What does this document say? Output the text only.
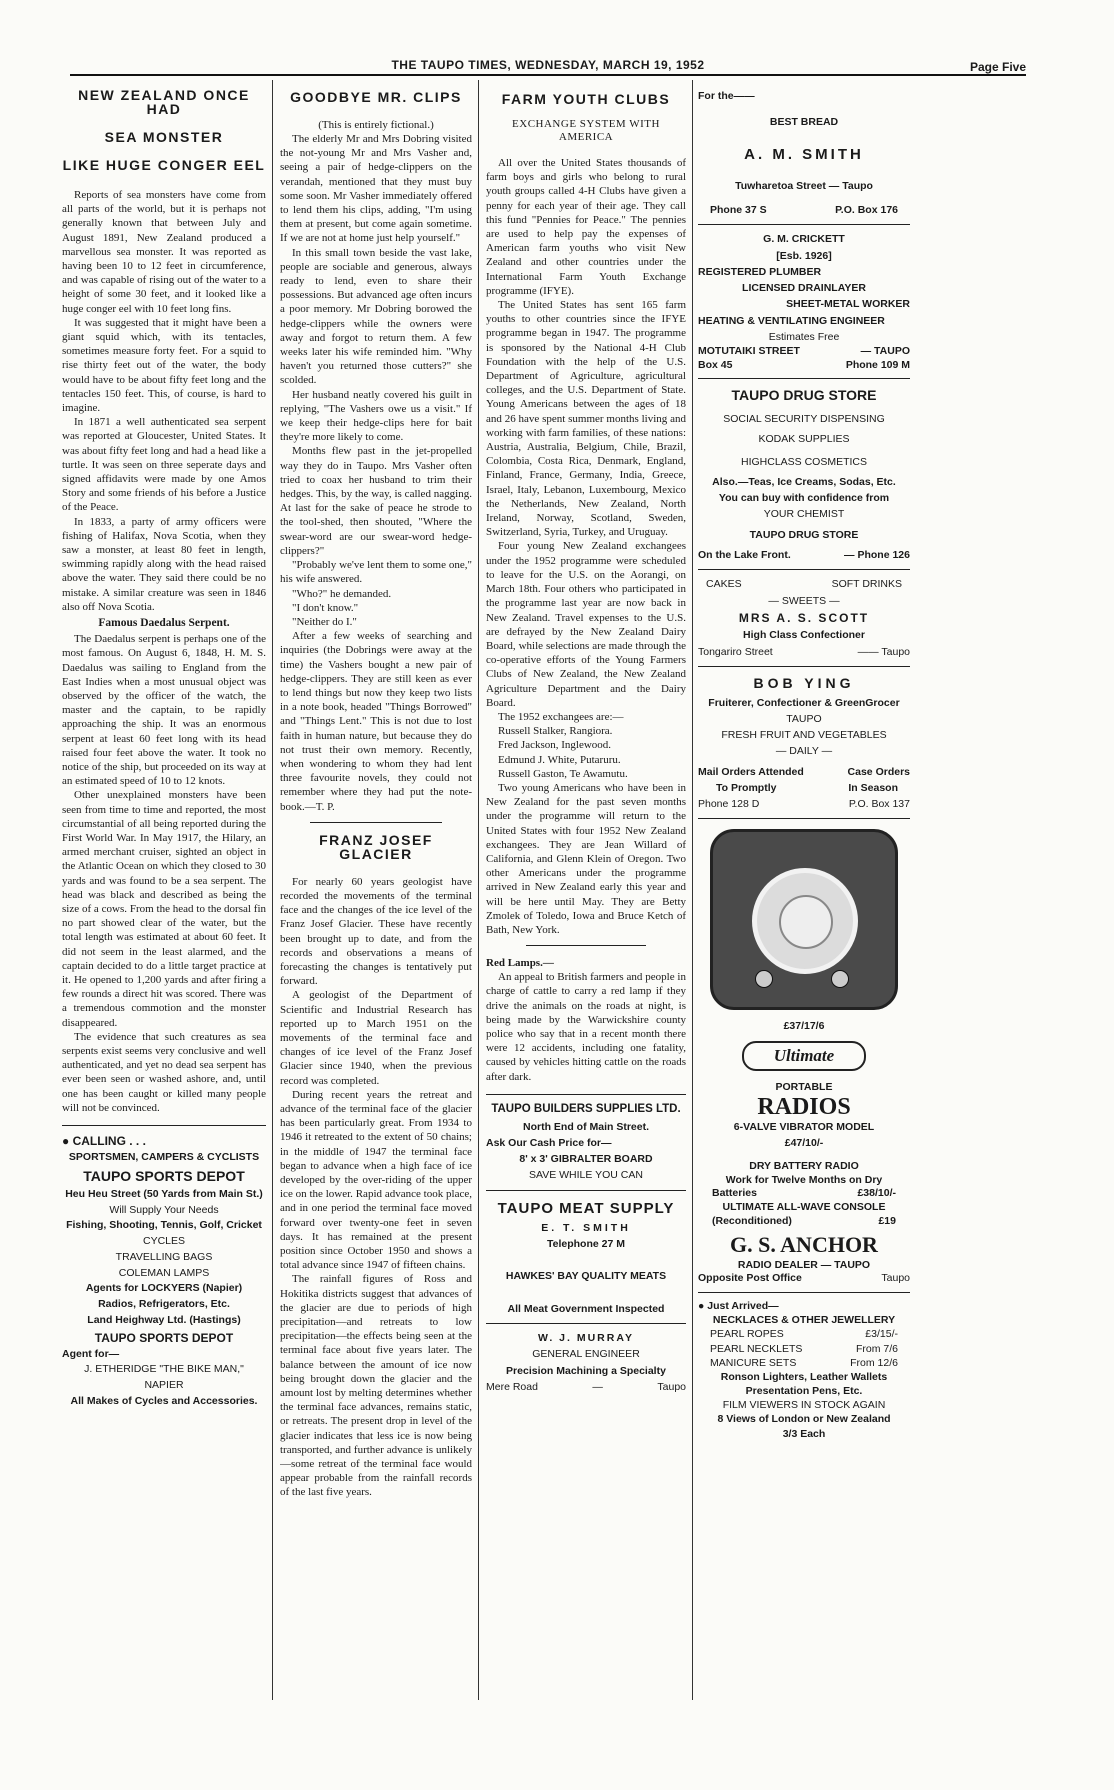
THE TAUPO TIMES, WEDNESDAY, MARCH 19, 1952	Page Five
NEW ZEALAND ONCE HAD
SEA MONSTER
LIKE HUGE CONGER EEL

Reports of sea monsters have come from all parts of the world, but it is perhaps not generally known that between July and August 1891, New Zealand produced a marvellous sea monster. It was reported as having been 10 to 12 feet in circumference, and was capable of rising out of the water to a height of some 30 feet, and it looked like a huge conger eel with 10 feet long fins.

It was suggested that it might have been a giant squid which, with its tentacles, sometimes measure forty feet. For a squid to rise thirty feet out of the water, the body would have to be about fifty feet long and the tentacles 150 feet. This, of course, is hard to imagine.

In 1871 a well authenticated sea serpent was reported at Gloucester, United States. It was about fifty feet long and had a head like a turtle. It was seen on three seperate days and signed affidavits were made by one Amos Story and some friends of his before a Justice of the Peace.

In 1833, a party of army officers were fishing of Halifax, Nova Scotia, when they saw a monster, at least 80 feet in length, swimming rapidly along with the head raised above the water. They said there could be no mistake. A similar creature was seen in 1846 also off Nova Scotia.

Famous Daedalus Serpent.

The Daedalus serpent is perhaps one of the most famous. On August 6, 1848, H. M. S. Daedalus was sailing to England from the East Indies when a most unusual object was observed by the officer of the watch, the master and the captain, to be rapidly approaching the ship. It was an enormous serpent at least 60 feet long with its head raised four feet above the water. It took no notice of the ship, but proceeded on its way at an estimated speed of 10 to 12 knots.

Other unexplained monsters have been seen from time to time and reported, the most circumstantial of all being reported during the First World War. In May 1917, the Hilary, an armed merchant cruiser, sighted an object in the Atlantic Ocean on which they closed to 30 yards and was found to be a sea serpent. The head was black and described as being the size of a cows. From the head to the dorsal fin no part showed clear of the water, but the total length was estimated at about 60 feet. It did not seem in the least alarmed, and the captain decided to do a little target practice at it. He opened to 1,200 yards and after firing a few rounds a direct hit was scored. There was a tremendous commotion and the monster disappeared.

The evidence that such creatures as sea serpents exist seems very conclusive and well authenticated, and yet no dead sea serpent has ever been seen or washed ashore, and, until one has been caught or killed many people will not be convinced.

● CALLING . . .
SPORTSMEN, CAMPERS & CYCLISTS
TAUPO SPORTS DEPOT
Heu Heu Street (50 Yards from Main St.)
Will Supply Your Needs
Fishing, Shooting, Tennis, Golf, Cricket
CYCLES
TRAVELLING BAGS
COLEMAN LAMPS
Agents for LOCKYERS (Napier)
Radios, Refrigerators, Etc.
Land Heighway Ltd. (Hastings)
TAUPO SPORTS DEPOT
Agent for—
J. ETHERIDGE "THE BIKE MAN,"
NAPIER
All Makes of Cycles and Accessories.
GOODBYE MR. CLIPS
(This is entirely fictional.)

The elderly Mr and Mrs Dobring visited the not-young Mr and Mrs Vasher and, seeing a pair of hedge-clippers on the verandah, mentioned that they must buy some soon. Mr Vasher immediately offered to lend them his clips, adding, "I'm using them at present, but come again sometime. If we are not at home just help yourself."

In this small town beside the vast lake, people are sociable and generous, always ready to lend, even to share their possessions. But advanced age often incurs a poor memory. Mr Dobring borowed the hedge-clippers while the owners were away and forgot to return them. A few weeks later his wife reminded him. "Why haven't you returned those cutters?" she scolded.

Her husband neatly covered his guilt in replying, "The Vashers owe us a visit." If we keep their hedge-clips here for bait they're more likely to come.

Months flew past in the jet-propelled way they do in Taupo. Mrs Vasher often tried to coax her husband to trim their hedges. This, by the way, is called nagging. At last for the sake of peace he strode to the tool-shed, then shouted, "Where the swear-word are our swear-word hedge-clippers?"

"Probably we've lent them to some one," his wife answered.

"Who?" he demanded.

"I don't know."

"Neither do I."

After a few weeks of searching and inquiries (the Dobrings were away at the time) the Vashers bought a new pair of hedge-clippers. They are still keen as ever to lend things but now they keep two lists in a note book, headed "Things Borrowed" and "Things Lent." This is not due to lost faith in human nature, but because they do not trust their own memory. Recently, when wondering to whom they had lent three favourite novels, they could not remember where they had put the note-book.—T. P.

FRANZ JOSEF GLACIER

For nearly 60 years geologist have recorded the movements of the terminal face and the changes of the ice level of the Franz Josef Glacier. These have recently been brought up to date, and from the records and observations a means of forecasting the changes is tentatively put forward.

A geologist of the Department of Scientific and Industrial Research has reported up to March 1951 on the movements of the terminal face and changes of ice level of the Franz Josef Glacier since 1940, when the previous record was completed.

During recent years the retreat and advance of the terminal face of the glacier has been particularly great. From 1934 to 1946 it retreated to the extent of 50 chains; in the middle of 1947 the terminal face began to advance when a high face of ice developed by the over-riding of the upper ice on the lower. Rapid advance took place, and in one period the terminal face moved forward over twenty-one feet in seven days. It has remained at the present position since October 1950 and shows a total advance since 1947 of fifteen chains.

The rainfall figures of Ross and Hokitika districts suggest that advances of the glacier are due to periods of high precipitation—and retreats to low precipitation—the effects being seen at the terminal face about five years later. The balance between the amount of ice now being brought down the glacier and the amount lost by melting determines whether the terminal face advances, remains static, or retreats. The present drop in level of the glacier indicates that less ice is now being transported, and further advance is unlikely—some retreat of the terminal face would appear probable from the rainfall records of the last five years.

FARM YOUTH CLUBS
EXCHANGE SYSTEM WITH AMERICA

All over the United States thousands of farm boys and girls who belong to rural youth groups called 4-H Clubs have given a penny for each year of their age. They call this fund "Pennies for Peace." The pennies are used to help pay the expenses of American farm youths who visit New Zealand and other countries under the International Farm Youth Exchange programme (IFYE).

The United States has sent 165 farm youths to other countries since the IFYE programme began in 1947. The programme is sponsored by the National 4-H Club Foundation with the help of the U.S. Department of Agriculture, agricultural colleges, and the U.S. Department of State. Young Americans between the ages of 18 and 26 have spent summer months living and working with farm families, of these nations: Austria, Australia, Belgium, Chile, Brazil, Colombia, Costa Rica, Denmark, England, Finland, France, Germany, India, Greece, Israel, Italy, Lebanon, Luxembourg, Mexico the Netherlands, New Zealand, North Ireland, Norway, Scotland, Sweden, Switzerland, Syria, Turkey, and Uruguay.

Four young New Zealand exchangees under the 1952 programme were scheduled to leave for the U.S. on the Aorangi, on March 18th. Four others who participated in the programme last year are now back in New Zealand. Travel expenses to the U.S. are defrayed by the New Zealand Dairy Board, while selections are made through the co-operative efforts of the Young Farmers Clubs of New Zealand, the New Zealand Agriculture Department and the Dairy Board.

The 1952 exchangees are:—

Russell Stalker, Rangiora.
Fred Jackson, Inglewood.
Edmund J. White, Putaruru.
Russell Gaston, Te Awamutu.

Two young Americans who have been in New Zealand for the past seven months under the programme will return to the United States with four 1952 New Zealand exchangees. They are Jean Willard of California, and Glenn Klein of Oregon. Two other Americans under the programme arrived in New Zealand early this year and will be here until May. They are Betty Zmolek of Toledo, Iowa and Bruce Ketch of Bath, New York.

Red Lamps.—

An appeal to British farmers and people in charge of cattle to carry a red lamp if they drive the animals on the roads at night, is being made by the Warwickshire county police who say that in a recent month there were 12 accidents, including one fatality, caused by vehicles hitting cattle on the roads after dark.

TAUPO BUILDERS SUPPLIES LTD.
North End of Main Street.
Ask Our Cash Price for—
8' x 3' GIBRALTER BOARD
SAVE WHILE YOU CAN
TAUPO MEAT SUPPLY
E. T. SMITH
Telephone 27 M
HAWKES' BAY QUALITY MEATS
All Meat Government Inspected
W. J. MURRAY
GENERAL ENGINEER
Precision Machining a Specialty
Mere Road	—	Taupo
For the——
BEST BREAD
A. M. SMITH
Tuwharetoa Street — Taupo
Phone 37 S	P.O. Box 176
G. M. CRICKETT
[Esb. 1926]
REGISTERED PLUMBER
LICENSED DRAINLAYER
SHEET-METAL WORKER
HEATING & VENTILATING ENGINEER
Estimates Free
MOTUTAIKI STREET	— TAUPO
Box 45	Phone 109 M
TAUPO DRUG STORE
SOCIAL SECURITY DISPENSING
KODAK SUPPLIES
HIGHCLASS COSMETICS
Also.—Teas, Ice Creams, Sodas, Etc.
You can buy with confidence from
YOUR CHEMIST
TAUPO DRUG STORE
On the Lake Front.	— Phone 126
CAKES	SOFT DRINKS
— SWEETS —
MRS A. S. SCOTT
High Class Confectioner
Tongariro Street	—— Taupo
BOB YING
Fruiterer, Confectioner & GreenGrocer
TAUPO
FRESH FRUIT AND VEGETABLES
— DAILY —
Mail Orders Attended	Case Orders
To Promptly	In Season
Phone 128 D	P.O. Box 137
£37/17/6
Ultimate
PORTABLE
RADIOS
6-VALVE VIBRATOR MODEL
£47/10/-
DRY BATTERY RADIO
Work for Twelve Months on Dry
Batteries	£38/10/-
ULTIMATE ALL-WAVE CONSOLE
(Reconditioned)	£19
G. S. ANCHOR
RADIO DEALER — TAUPO
Opposite Post Office	Taupo
● Just Arrived—
NECKLACES & OTHER JEWELLERY
PEARL ROPES	£3/15/-
PEARL NECKLETS	From 7/6
MANICURE SETS	From 12/6
Ronson Lighters, Leather Wallets
Presentation Pens, Etc.
FILM VIEWERS IN STOCK AGAIN
8 Views of London or New Zealand
3/3 Each
